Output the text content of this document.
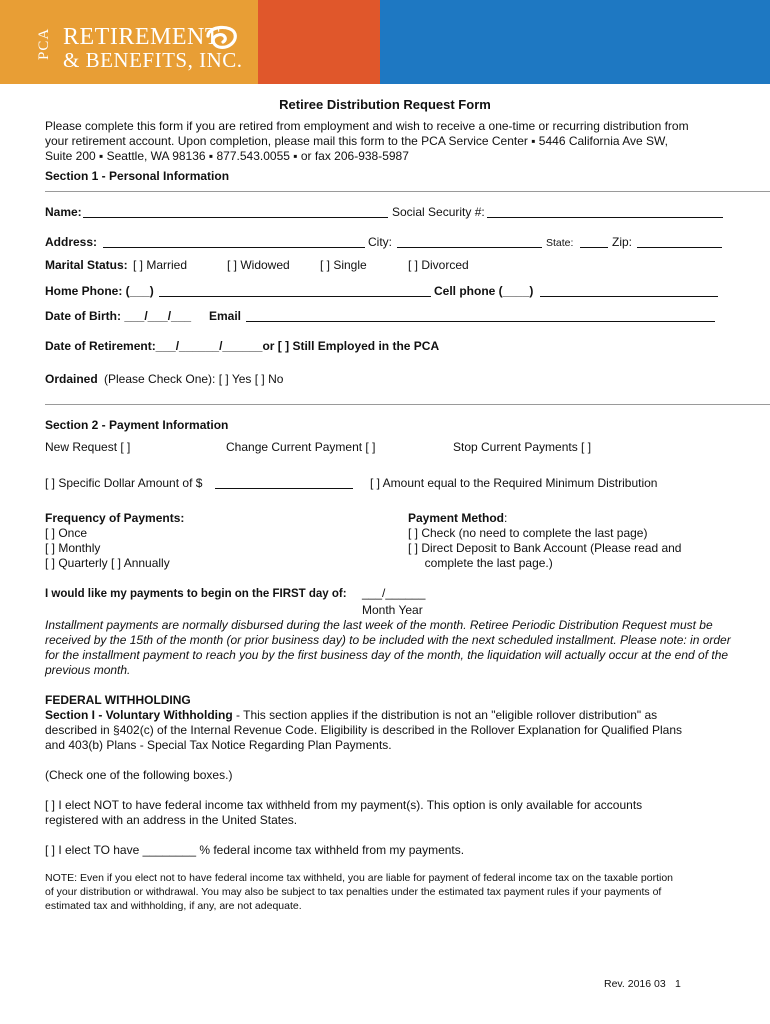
PCA RETIREMENT
& BENEFITS, INC.
Retiree Distribution Request Form
Please complete this form if you are retired from employment and wish to receive a one-time or recurring distribution from
your retirement account. Upon completion, please mail this form to the PCA Service Center ▪ 5446 California Ave SW,
Suite 200 ▪ Seattle, WA 98136 ▪ 877.543.0055 ▪ or fax 206-938-5987
Section 1 - Personal Information
Name:	Social Security #:
Address:	City:	State:	Zip:
Marital Status: [ ] Married	[ ] Widowed	[ ] Single	[ ] Divorced
Home Phone: (___)	Cell phone (____)
Date of Birth: ___/___/___ Email
Date of Retirement:___/______/______or [ ] Still Employed in the PCA
Ordained (Please Check One): [ ] Yes [ ] No
Section 2 - Payment Information
New Request [ ]	Change Current Payment [ ]	Stop Current Payments [ ]
[ ] Specific Dollar Amount of $	[ ] Amount equal to the Required Minimum Distribution
Frequency of Payments:
[ ] Once
[ ] Monthly
[ ] Quarterly [ ] Annually
Payment Method:
[ ] Check (no need to complete the last page)
[ ] Direct Deposit to Bank Account (Please read and
complete the last page.)
I would like my payments to begin on the FIRST day of: ___/______
Month Year
Installment payments are normally disbursed during the last week of the month. Retiree Periodic Distribution Request must be
received by the 15th of the month (or prior business day) to be included with the next scheduled installment. Please note: in order
for the installment payment to reach you by the first business day of the month, the liquidation will actually occur at the end of the
previous month.
FEDERAL WITHHOLDING
Section I - Voluntary Withholding - This section applies if the distribution is not an "eligible rollover distribution" as
described in §402(c) of the Internal Revenue Code. Eligibility is described in the Rollover Explanation for Qualified Plans
and 403(b) Plans - Special Tax Notice Regarding Plan Payments.
(Check one of the following boxes.)
[ ] I elect NOT to have federal income tax withheld from my payment(s). This option is only available for accounts
registered with an address in the United States.
[ ] I elect TO have ________ % federal income tax withheld from my payments.
NOTE: Even if you elect not to have federal income tax withheld, you are liable for payment of federal income tax on the taxable portion
of your distribution or withdrawal. You may also be subject to tax penalties under the estimated tax payment rules if your payments of
estimated tax and withholding, if any, are not adequate.
Rev. 2016 03 1
